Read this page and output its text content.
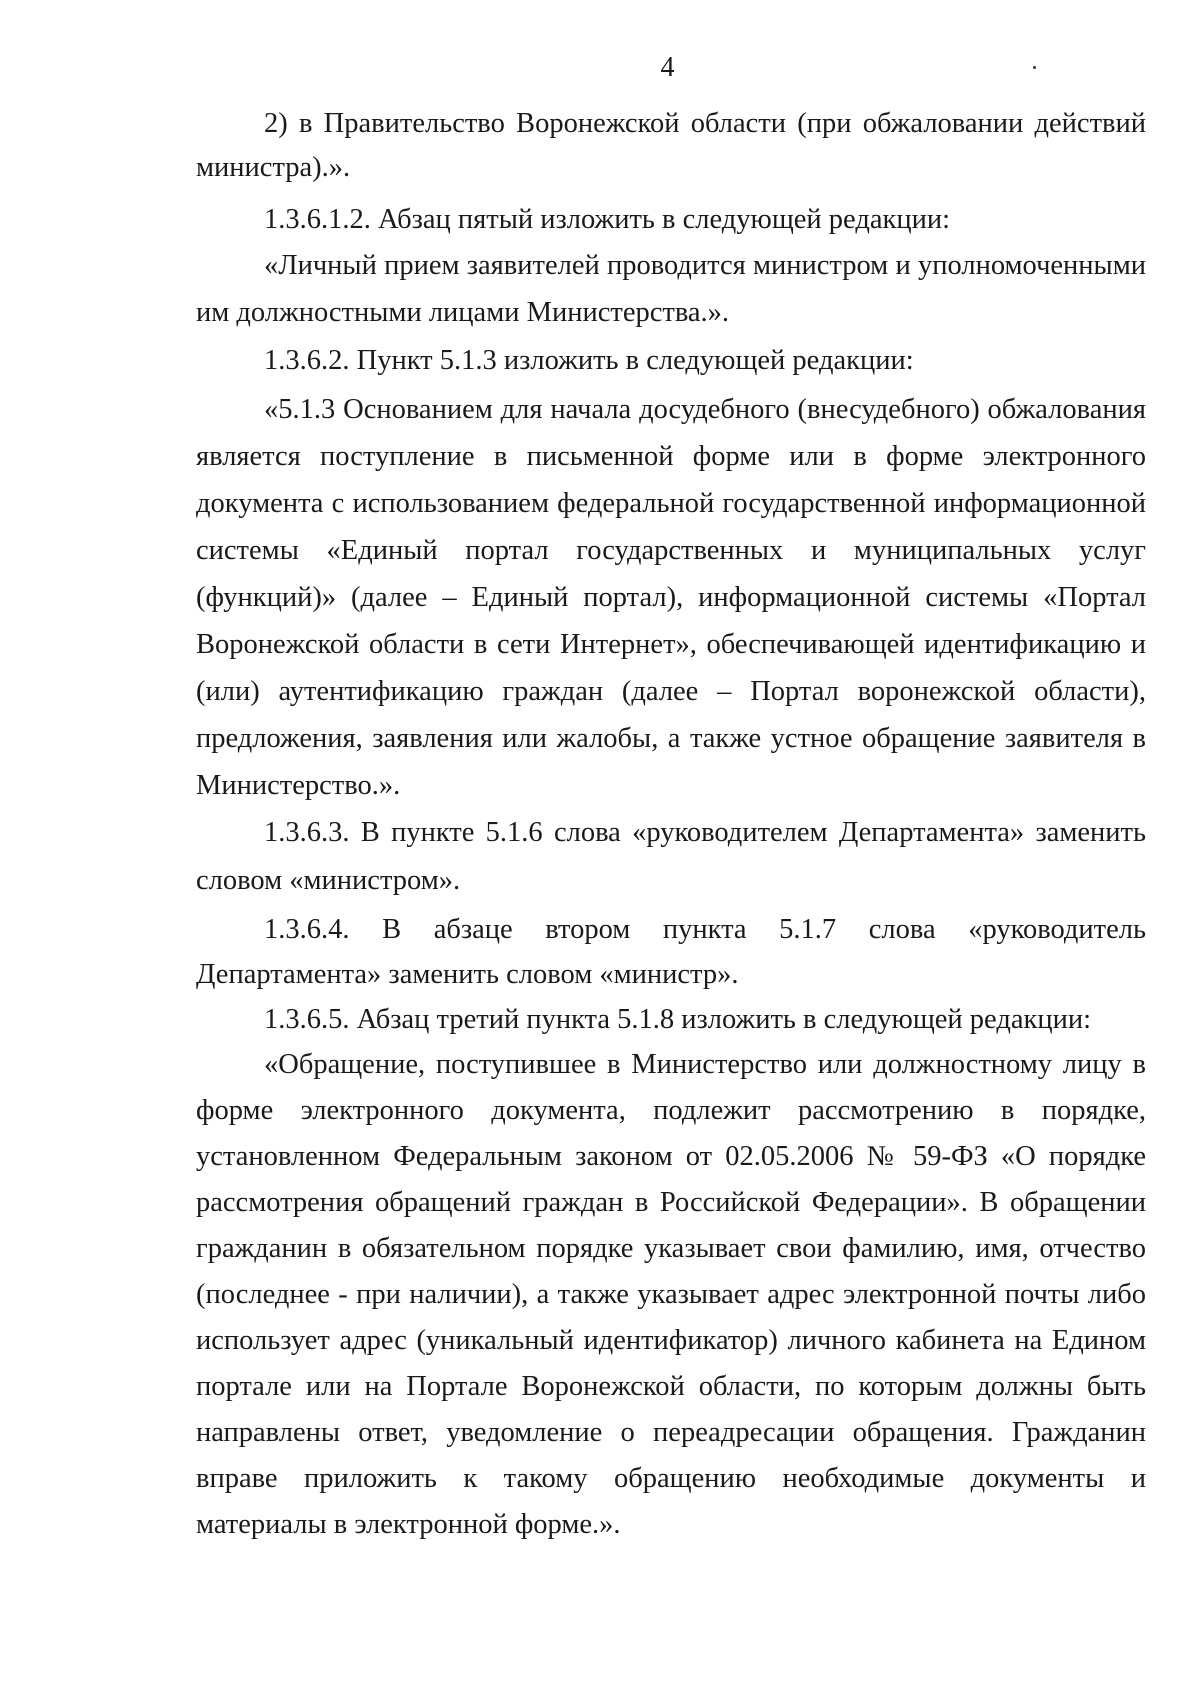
4

2) в Правительство Воронежской области (при обжаловании действий министра).».

1.3.6.1.2. Абзац пятый изложить в следующей редакции:

«Личный прием заявителей проводится министром и уполномоченными им должностными лицами Министерства.».

1.3.6.2. Пункт 5.1.3 изложить в следующей редакции:

«5.1.3 Основанием для начала досудебного (внесудебного) обжалования является поступление в письменной форме или в форме электронного документа с использованием федеральной государственной информационной системы «Единый портал государственных и муниципальных услуг (функций)» (далее – Единый портал), информационной системы «Портал Воронежской области в сети Интернет», обеспечивающей идентификацию и (или) аутентификацию граждан (далее – Портал воронежской области), предложения, заявления или жалобы, а также устное обращение заявителя в Министерство.».

1.3.6.3. В пункте 5.1.6 слова «руководителем Департамента» заменить словом «министром».

1.3.6.4. В абзаце втором пункта 5.1.7 слова «руководитель Департамента» заменить словом «министр».

1.3.6.5. Абзац третий пункта 5.1.8 изложить в следующей редакции:

«Обращение, поступившее в Министерство или должностному лицу в форме электронного документа, подлежит рассмотрению в порядке, установленном Федеральным законом от 02.05.2006 № 59-ФЗ «О порядке рассмотрения обращений граждан в Российской Федерации». В обращении гражданин в обязательном порядке указывает свои фамилию, имя, отчество (последнее - при наличии), а также указывает адрес электронной почты либо использует адрес (уникальный идентификатор) личного кабинета на Едином портале или на Портале Воронежской области, по которым должны быть направлены ответ, уведомление о переадресации обращения. Гражданин вправе приложить к такому обращению необходимые документы и материалы в электронной форме.».
